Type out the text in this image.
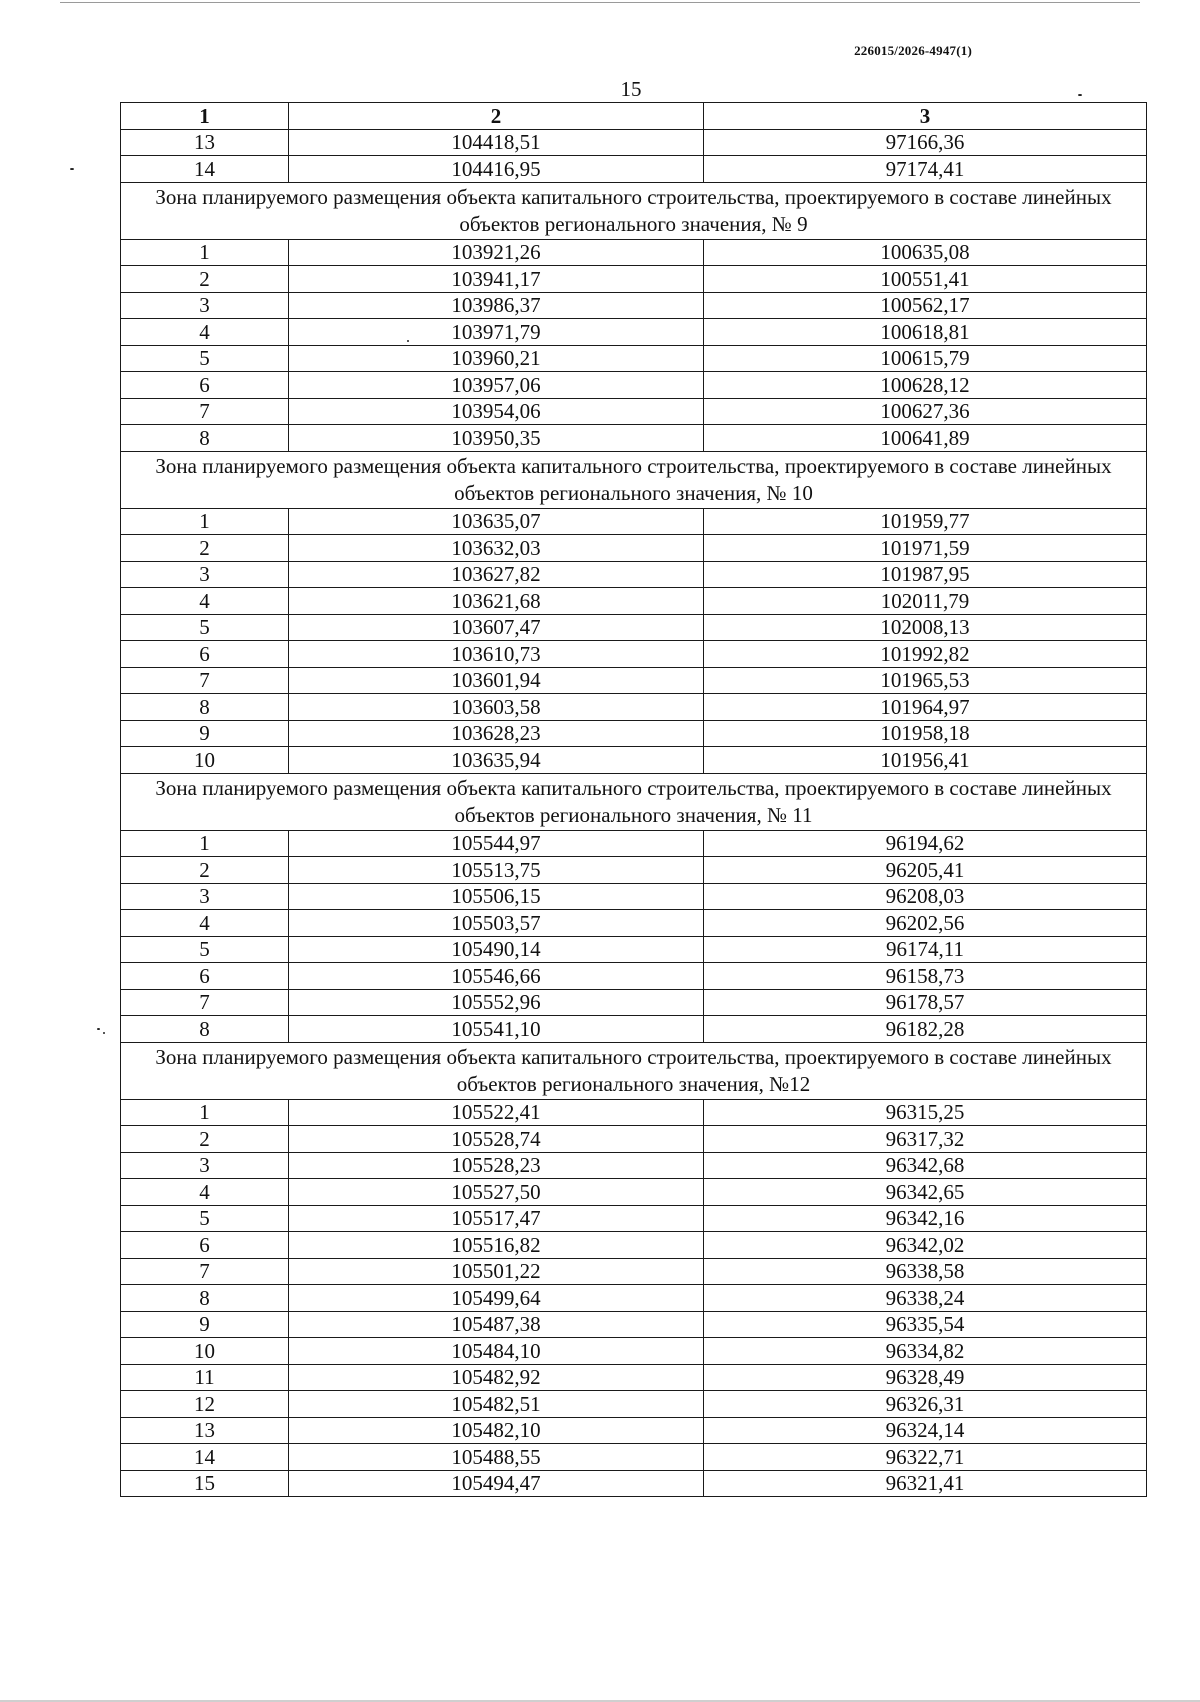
226015/2026-4947(1)
15
1	2	3
13	104418,51	97166,36
14	104416,95	97174,41
Зона планируемого размещения объекта капитального строительства, проектируемого в составе линейных объектов регионального значения, № 9		
1	103921,26	100635,08
2	103941,17	100551,41
3	103986,37	100562,17
4	103971,79	100618,81
5	103960,21	100615,79
6	103957,06	100628,12
7	103954,06	100627,36
8	103950,35	100641,89
Зона планируемого размещения объекта капитального строительства, проектируемого в составе линейных объектов регионального значения, № 10		
1	103635,07	101959,77
2	103632,03	101971,59
3	103627,82	101987,95
4	103621,68	102011,79
5	103607,47	102008,13
6	103610,73	101992,82
7	103601,94	101965,53
8	103603,58	101964,97
9	103628,23	101958,18
10	103635,94	101956,41
Зона планируемого размещения объекта капитального строительства, проектируемого в составе линейных объектов регионального значения, № 11		
1	105544,97	96194,62
2	105513,75	96205,41
3	105506,15	96208,03
4	105503,57	96202,56
5	105490,14	96174,11
6	105546,66	96158,73
7	105552,96	96178,57
8	105541,10	96182,28
Зона планируемого размещения объекта капитального строительства, проектируемого в составе линейных объектов регионального значения, №12		
1	105522,41	96315,25
2	105528,74	96317,32
3	105528,23	96342,68
4	105527,50	96342,65
5	105517,47	96342,16
6	105516,82	96342,02
7	105501,22	96338,58
8	105499,64	96338,24
9	105487,38	96335,54
10	105484,10	96334,82
11	105482,92	96328,49
12	105482,51	96326,31
13	105482,10	96324,14
14	105488,55	96322,71
15	105494,47	96321,41
